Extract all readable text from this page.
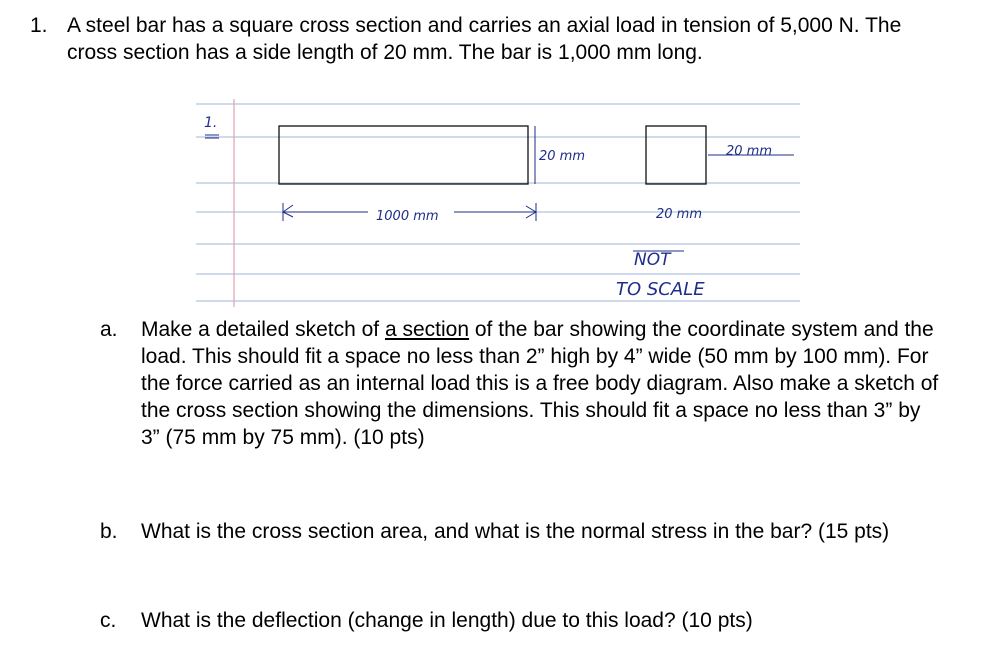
1. A steel bar has a square cross section and carries an axial load in tension of 5,000 N. The cross section has a side length of 20 mm. The bar is 1,000 mm long.
1.
20 mm
1000 mm
20 mm
20 mm
NOT
TO SCALE
a. Make a detailed sketch of a section of the bar showing the coordinate system and the load. This should fit a space no less than 2” high by 4” wide (50 mm by 100 mm). For the force carried as an internal load this is a free body diagram. Also make a sketch of the cross section showing the dimensions. This should fit a space no less than 3” by 3” (75 mm by 75 mm). (10 pts)
b. What is the cross section area, and what is the normal stress in the bar? (15 pts)
c. What is the deflection (change in length) due to this load? (10 pts)
